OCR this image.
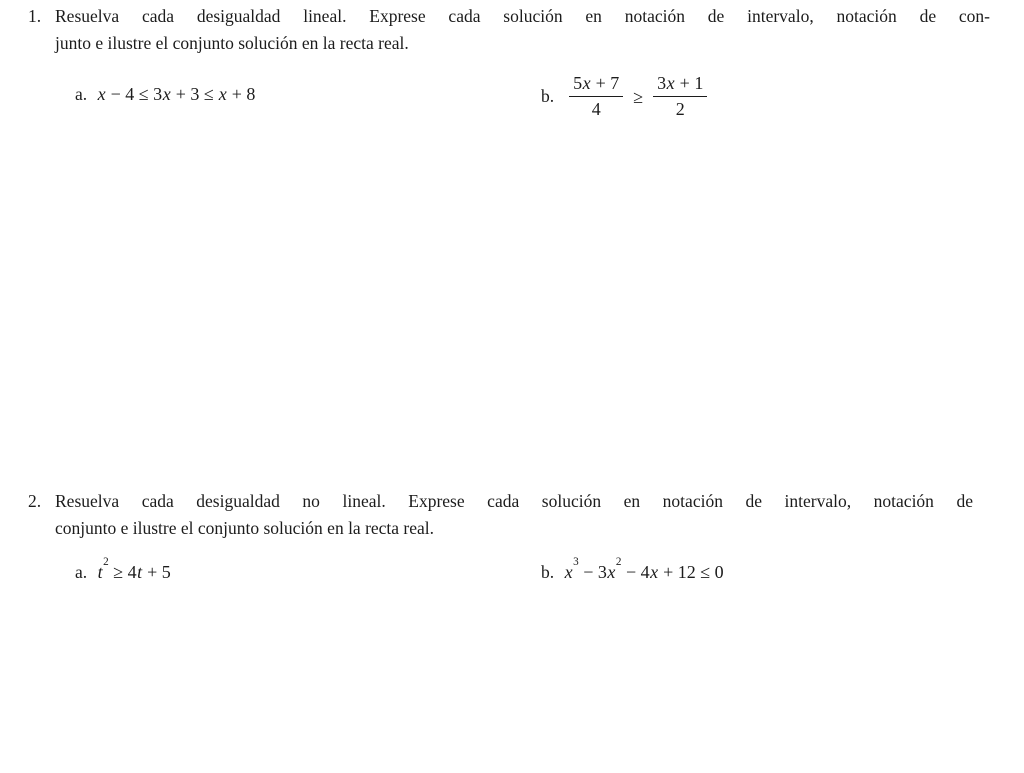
1. Resuelva cada desigualdad lineal. Exprese cada solución en notación de intervalo, notación de con-
junto e ilustre el conjunto solución en la recta real.
a. x − 4 ≤ 3x + 3 ≤ x + 8	b. $\frac{5x + 7}{4} \ge \frac{3x + 1}{2}$
2. Resuelva cada desigualdad no lineal. Exprese cada solución en notación de intervalo, notación de
conjunto e ilustre el conjunto solución en la recta real.
a. $t^2 \ge 4t + 5$	b. $x^3 - 3x^2 - 4x + 12 \le 0$
